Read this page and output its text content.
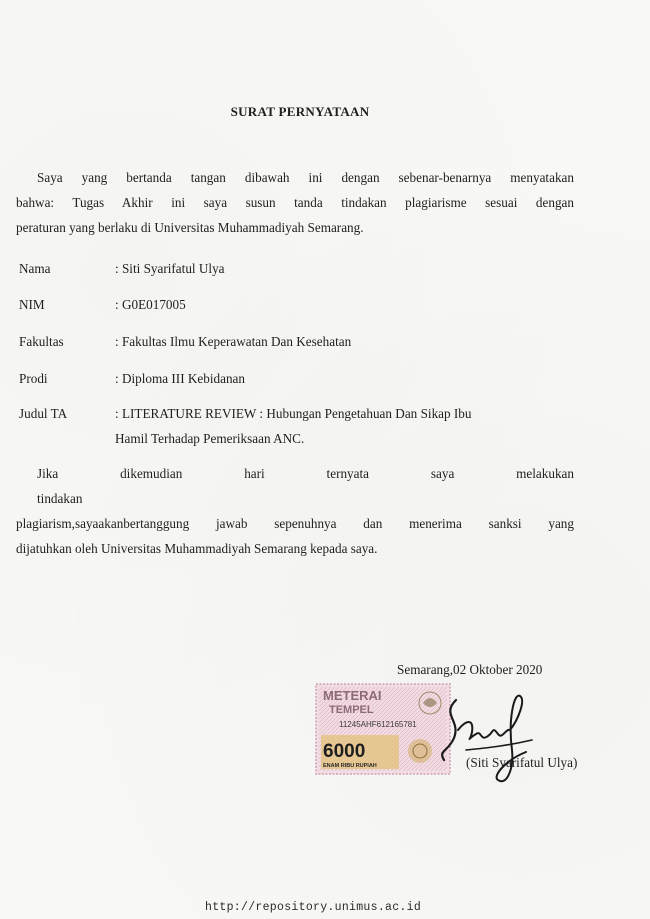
SURAT PERNYATAAN
Saya yang bertanda tangan dibawah ini dengan sebenar-benarnya menyatakan
bahwa: Tugas Akhir ini saya susun tanda tindakan plagiarisme sesuai dengan
peraturan yang berlaku di Universitas Muhammadiyah Semarang.
Nama	: Siti Syarifatul Ulya
NIM	: G0E017005
Fakultas	: Fakultas Ilmu Keperawatan Dan Kesehatan
Prodi	: Diploma III Kebidanan
Judul TA	: LITERATURE REVIEW : Hubungan Pengetahuan Dan Sikap Ibu
Hamil Terhadap Pemeriksaan ANC.
Jika dikemudian hari ternyata saya melakukan tindakan
plagiarism,sayaakanbertanggung jawab sepenuhnya dan menerima sanksi yang
dijatuhkan oleh Universitas Muhammadiyah Semarang kepada saya.
Semarang,02 Oktober 2020
METERAI
TEMPEL
11245AHF612165781
6000
ENAM RIBU RUPIAH	(Siti Syarifatul Ulya)
http://repository.unimus.ac.id
